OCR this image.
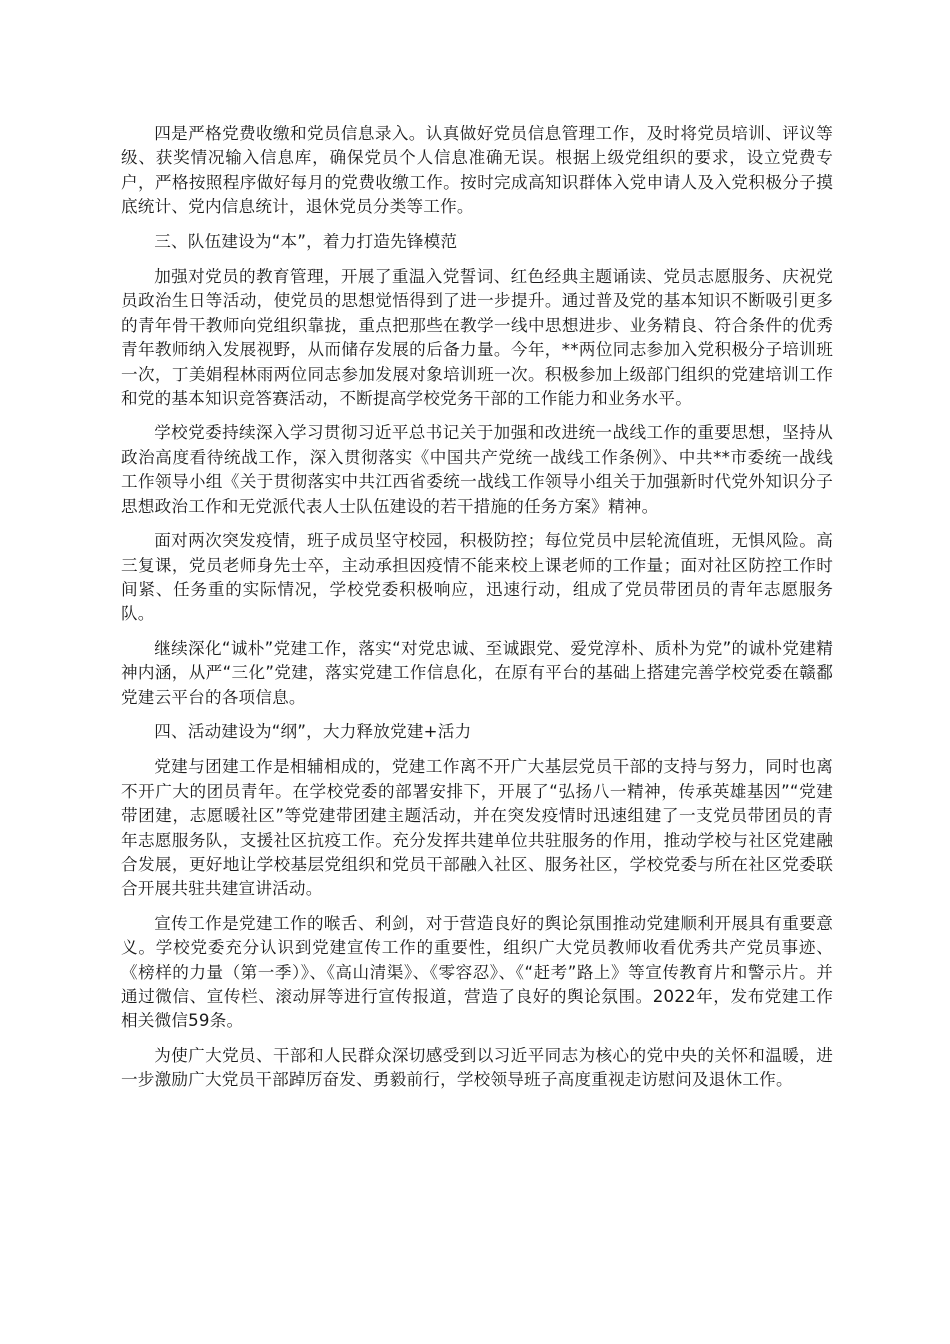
四是严格党费收缴和党员信息录入。认真做好党员信息管理工作，及时将党员培训、评议等级、获奖情况输入信息库，确保党员个人信息准确无误。根据上级党组织的要求，设立党费专户，严格按照程序做好每月的党费收缴工作。按时完成高知识群体入党申请人及入党积极分子摸底统计、党内信息统计，退休党员分类等工作。

三、队伍建设为“本”，着力打造先锋模范

加强对党员的教育管理，开展了重温入党誓词、红色经典主题诵读、党员志愿服务、庆祝党员政治生日等活动，使党员的思想觉悟得到了进一步提升。通过普及党的基本知识不断吸引更多的青年骨干教师向党组织靠拢，重点把那些在教学一线中思想进步、业务精良、符合条件的优秀青年教师纳入发展视野，从而储存发展的后备力量。今年，**两位同志参加入党积极分子培训班一次，丁美娟程林雨两位同志参加发展对象培训班一次。积极参加上级部门组织的党建培训工作和党的基本知识竞答赛活动，不断提高学校党务干部的工作能力和业务水平。

学校党委持续深入学习贯彻习近平总书记关于加强和改进统一战线工作的重要思想，坚持从政治高度看待统战工作，深入贯彻落实《中国共产党统一战线工作条例》、中共**市委统一战线工作领导小组《关于贯彻落实中共江西省委统一战线工作领导小组关于加强新时代党外知识分子思想政治工作和无党派代表人士队伍建设的若干措施的任务方案》精神。

面对两次突发疫情，班子成员坚守校园，积极防控；每位党员中层轮流值班，无惧风险。高三复课，党员老师身先士卒，主动承担因疫情不能来校上课老师的工作量；面对社区防控工作时间紧、任务重的实际情况，学校党委积极响应，迅速行动，组成了党员带团员的青年志愿服务队。

继续深化“诚朴”党建工作，落实“对党忠诚、至诚跟党、爱党淳朴、质朴为党”的诚朴党建精神内涵，从严“三化”党建，落实党建工作信息化，在原有平台的基础上搭建完善学校党委在赣鄱党建云平台的各项信息。

四、活动建设为“纲”，大力释放党建+活力

党建与团建工作是相辅相成的，党建工作离不开广大基层党员干部的支持与努力，同时也离不开广大的团员青年。在学校党委的部署安排下，开展了“弘扬八一精神，传承英雄基因”“党建带团建，志愿暖社区”等党建带团建主题活动，并在突发疫情时迅速组建了一支党员带团员的青年志愿服务队，支援社区抗疫工作。充分发挥共建单位共驻服务的作用，推动学校与社区党建融合发展，更好地让学校基层党组织和党员干部融入社区、服务社区，学校党委与所在社区党委联合开展共驻共建宣讲活动。

宣传工作是党建工作的喉舌、利剑，对于营造良好的舆论氛围推动党建顺利开展具有重要意义。学校党委充分认识到党建宣传工作的重要性，组织广大党员教师收看优秀共产党员事迹、《榜样的力量（第一季）》、《高山清渠》、《零容忍》、《“赶考”路上》等宣传教育片和警示片。并通过微信、宣传栏、滚动屏等进行宣传报道，营造了良好的舆论氛围。2022年，发布党建工作相关微信59条。

为使广大党员、干部和人民群众深切感受到以习近平同志为核心的党中央的关怀和温暖，进一步激励广大党员干部踔厉奋发、勇毅前行，学校领导班子高度重视走访慰问及退休工作。
